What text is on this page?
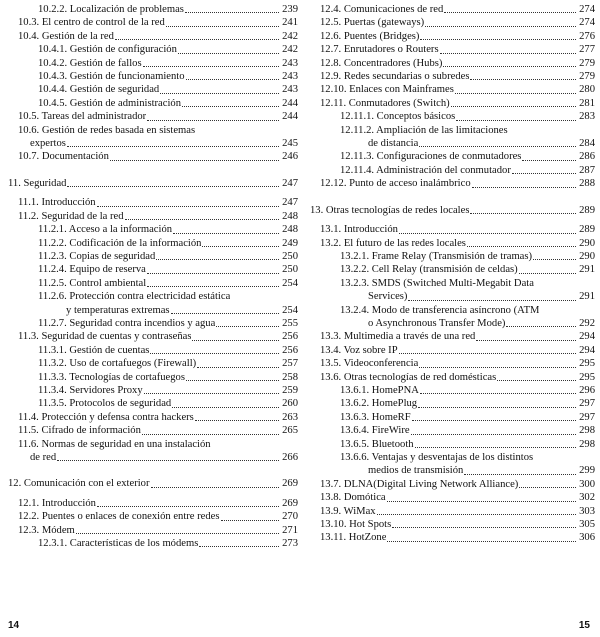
10.2.2. Localización de problemas	239
10.3. El centro de control de la red	241
10.4. Gestión de la red	242
10.4.1. Gestión de configuración	242
10.4.2. Gestión de fallos	243
10.4.3. Gestión de funcionamiento	243
10.4.4. Gestión de seguridad	243
10.4.5. Gestión de administración	244
10.5. Tareas del administrador	244
10.6. Gestión de redes basada en sistemas
expertos	245
10.7. Documentación	246
11. Seguridad	247
11.1. Introducción	247
11.2. Seguridad de la red	248
11.2.1. Acceso a la información	248
11.2.2. Codificación de la información	249
11.2.3. Copias de seguridad	250
11.2.4. Equipo de reserva	250
11.2.5. Control ambiental	254
11.2.6. Protección contra electricidad estática
y temperaturas extremas	254
11.2.7. Seguridad contra incendios y agua	255
11.3. Seguridad de cuentas y contraseñas	256
11.3.1. Gestión de cuentas	256
11.3.2. Uso de cortafuegos (Firewall)	257
11.3.3. Tecnologías de cortafuegos	258
11.3.4. Servidores Proxy	259
11.3.5. Protocolos de seguridad	260
11.4. Protección y defensa contra hackers	263
11.5. Cifrado de información	265
11.6. Normas de seguridad en una instalación
de red	266
12. Comunicación con el exterior	269
12.1. Introducción	269
12.2. Puentes o enlaces de conexión entre redes	270
12.3. Módem	271
12.3.1. Características de los módems	273
12.4. Comunicaciones de red	274
12.5. Puertas (gateways)	274
12.6. Puentes (Bridges)	276
12.7. Enrutadores o Routers	277
12.8. Concentradores (Hubs)	279
12.9. Redes secundarias o subredes	279
12.10. Enlaces con Mainframes	280
12.11. Conmutadores (Switch)	281
12.11.1. Conceptos básicos	283
12.11.2. Ampliación de las limitaciones
de distancia	284
12.11.3. Configuraciones de conmutadores	286
12.11.4. Administración del conmutador	287
12.12. Punto de acceso inalámbrico	288
13. Otras tecnologías de redes locales	289
13.1. Introducción	289
13.2. El futuro de las redes locales	290
13.2.1. Frame Relay (Transmisión de tramas)	290
13.2.2. Cell Relay (transmisión de celdas)	291
13.2.3. SMDS (Switched Multi-Megabit Data
Services)	291
13.2.4. Modo de transferencia asíncrono (ATM
o Asynchronous Transfer Mode)	292
13.3. Multimedia a través de una red	294
13.4. Voz sobre IP	294
13.5. Videoconferencia	295
13.6. Otras tecnologías de red domésticas	295
13.6.1. HomePNA	296
13.6.2. HomePlug	297
13.6.3. HomeRF	297
13.6.4. FireWire	298
13.6.5. Bluetooth	298
13.6.6. Ventajas y desventajas de los distintos
medios de transmisión	299
13.7. DLNA(Digital Living Network Alliance)	300
13.8. Domótica	302
13.9. WiMax	303
13.10. Hot Spots	305
13.11. HotZone	306
14	15
